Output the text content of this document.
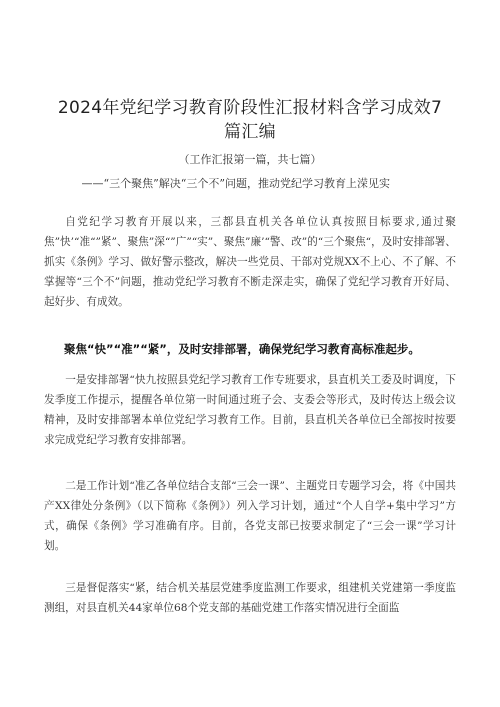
2024年党纪学习教育阶段性汇报材料含学习成效7
篇汇编
（工作汇报第一篇，共七篇）
——“三个聚焦”解决“三个不”问题，推动党纪学习教育上溁见实

自党纪学习教育开展以来，三都县直机关各单位认真按照目标要求,通过聚焦”快’“准“”紧”、聚焦”深“”广”“实”、聚焦”廉’“警、改”的“三个聚焦“，及时安排部署、抓实《条例》学习、做好警示整改，解决一些党员、干部对党规XX不上心、不了解、不掌握等“三个不”问题，推动党纪学习教育不断走深走实，确保了党纪学习教育开好局、起好步、有成效。

聚焦“快”“准”“紧”，及时安排部署，确保党纪学习教育高标准起步。

一是安排部署“快九按照县党纪学习教育工作专班要求，县直机关工委及时调度，下发季度工作提示，提醒各单位第一时间通过班子会、支委会等形式，及时传达上级会议精神，及时安排部署本单位党纪学习教育工作。目前，县直机关各单位已全部按时按要求完成党纪学习教育安排部署。

二是工作计划“准乙各单位结合支部“三会一课”、主题党日专题学习会，将《中国共产XX律处分条例》（以下简称《条例》）列入学习计划，通过“个人自学+集中学习”方式，确保《条例》学习准确有序。目前，各党支部已按要求制定了“三会一课”学习计划。

三是督促落实“紧，结合机关基层党建季度监测工作要求，组建机关党建第一季度监测组，对县直机关44家单位68个党支部的基础党建工作落实情况进行全面监
